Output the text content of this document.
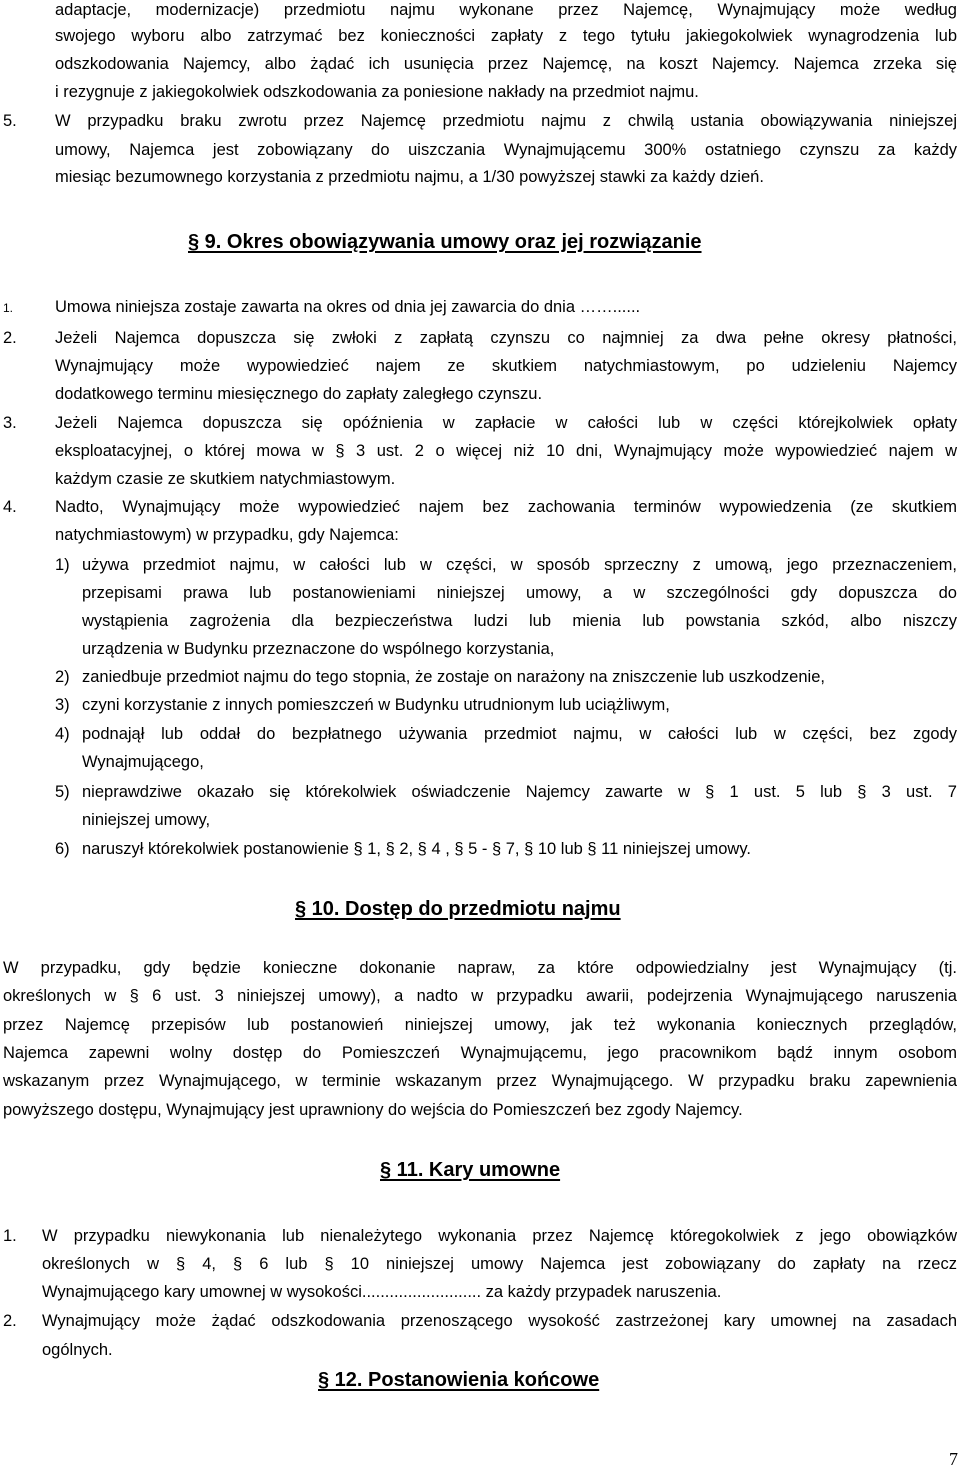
adaptacje, modernizacje) przedmiotu najmu wykonane przez Najemcę, Wynajmujący może według
swojego wyboru albo zatrzymać bez konieczności zapłaty z tego tytułu jakiegokolwiek wynagrodzenia lub
odszkodowania Najemcy, albo żądać ich usunięcia przez Najemcę, na koszt Najemcy. Najemca zrzeka się
i rezygnuje z jakiegokolwiek odszkodowania za poniesione nakłady na przedmiot najmu.
5. W przypadku braku zwrotu przez Najemcę przedmiotu najmu z chwilą ustania obowiązywania niniejszej
umowy, Najemca jest zobowiązany do uiszczania Wynajmującemu 300% ostatniego czynszu za każdy
miesiąc bezumownego korzystania z przedmiotu najmu, a 1/30 powyższej stawki za każdy dzień.
§ 9. Okres obowiązywania umowy oraz jej rozwiązanie
1.	Umowa niniejsza zostaje zawarta na okres od dnia jej zawarcia do dnia ……......
2. Jeżeli Najemca dopuszcza się zwłoki z zapłatą czynszu co najmniej za dwa pełne okresy płatności,
Wynajmujący może wypowiedzieć najem ze skutkiem natychmiastowym, po udzieleniu Najemcy
dodatkowego terminu miesięcznego do zapłaty zaległego czynszu.
3. Jeżeli Najemca dopuszcza się opóźnienia w zapłacie w całości lub w części którejkolwiek opłaty
eksploatacyjnej, o której mowa w § 3 ust. 2 o więcej niż 10 dni, Wynajmujący może wypowiedzieć najem w
każdym czasie ze skutkiem natychmiastowym.
4. Nadto, Wynajmujący może wypowiedzieć najem bez zachowania terminów wypowiedzenia (ze skutkiem
natychmiastowym) w przypadku, gdy Najemca:
1) używa przedmiot najmu, w całości lub w części, w sposób sprzeczny z umową, jego przeznaczeniem,
przepisami prawa lub postanowieniami niniejszej umowy, a w szczególności gdy dopuszcza do
wystąpienia zagrożenia dla bezpieczeństwa ludzi lub mienia lub powstania szkód, albo niszczy
urządzenia w Budynku przeznaczone do wspólnego korzystania,
2) zaniedbuje przedmiot najmu do tego stopnia, że zostaje on narażony na zniszczenie lub uszkodzenie,
3) czyni korzystanie z innych pomieszczeń w Budynku utrudnionym lub uciążliwym,
4) podnajął lub oddał do bezpłatnego używania przedmiot najmu, w całości lub w części, bez zgody
Wynajmującego,
5) nieprawdziwe okazało się którekolwiek oświadczenie Najemcy zawarte w § 1 ust. 5 lub § 3 ust. 7
niniejszej umowy,
6) naruszył którekolwiek postanowienie § 1, § 2, § 4 , § 5 - § 7, § 10 lub § 11 niniejszej umowy.
§ 10. Dostęp do przedmiotu najmu
W przypadku, gdy będzie konieczne dokonanie napraw, za które odpowiedzialny jest Wynajmujący (tj.
określonych w § 6 ust. 3 niniejszej umowy), a nadto w przypadku awarii, podejrzenia Wynajmującego naruszenia
przez Najemcę przepisów lub postanowień niniejszej umowy, jak też wykonania koniecznych przeglądów,
Najemca zapewni wolny dostęp do Pomieszczeń Wynajmującemu, jego pracownikom bądź innym osobom
wskazanym przez Wynajmującego, w terminie wskazanym przez Wynajmującego. W przypadku braku zapewnienia
powyższego dostępu, Wynajmujący jest uprawniony do wejścia do Pomieszczeń bez zgody Najemcy.
§ 11. Kary umowne
1. W przypadku niewykonania lub nienależytego wykonania przez Najemcę któregokolwiek z jego obowiązków
określonych w § 4, § 6 lub § 10 niniejszej umowy Najemca jest zobowiązany do zapłaty na rzecz
Wynajmującego kary umownej w wysokości.......................... za każdy przypadek naruszenia.
2. Wynajmujący może żądać odszkodowania przenoszącego wysokość zastrzeżonej kary umownej na zasadach
ogólnych.
§ 12. Postanowienia końcowe
7
